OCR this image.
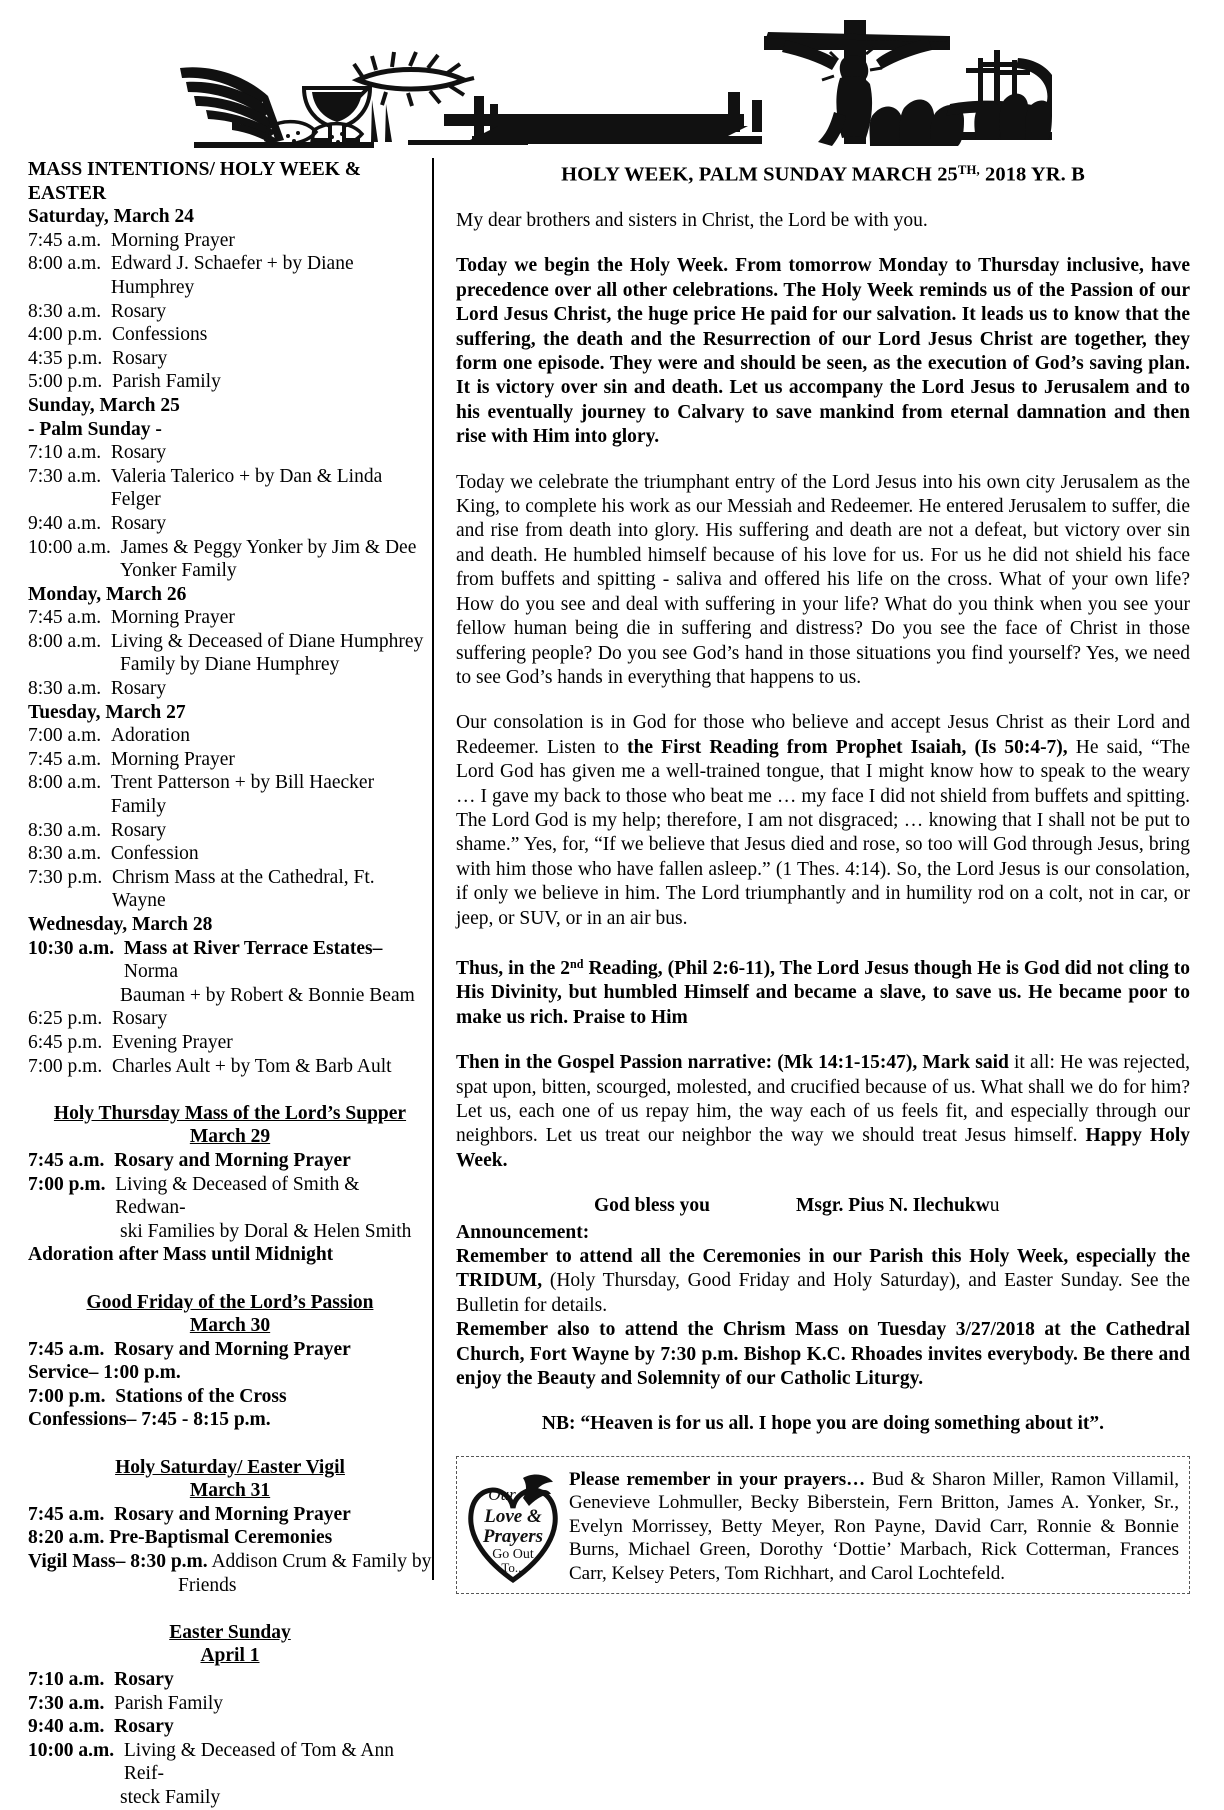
MASS INTENTIONS/ HOLY WEEK & EASTER
Saturday, March 24
7:45 a.m. Morning Prayer
8:00 a.m. Edward J. Schaefer + by Diane Humphrey
8:30 a.m. Rosary
4:00 p.m. Confessions
4:35 p.m. Rosary
5:00 p.m. Parish Family
Sunday, March 25
- Palm Sunday -
7:10 a.m. Rosary
7:30 a.m. Valeria Talerico + by Dan & Linda Felger
9:40 a.m. Rosary
10:00 a.m. James & Peggy Yonker by Jim & Dee
Yonker Family
Monday, March 26
7:45 a.m. Morning Prayer
8:00 a.m. Living & Deceased of Diane Humphrey
Family by Diane Humphrey
8:30 a.m. Rosary
Tuesday, March 27
7:00 a.m. Adoration
7:45 a.m. Morning Prayer
8:00 a.m. Trent Patterson + by Bill Haecker Family
8:30 a.m. Rosary
8:30 a.m. Confession
7:30 p.m. Chrism Mass at the Cathedral, Ft. Wayne
Wednesday, March 28
10:30 a.m. Mass at River Terrace Estates– Norma
Bauman + by Robert & Bonnie Beam
6:25 p.m. Rosary
6:45 p.m. Evening Prayer
7:00 p.m. Charles Ault + by Tom & Barb Ault
Holy Thursday Mass of the Lord’s Supper
March 29
7:45 a.m. Rosary and Morning Prayer
7:00 p.m. Living & Deceased of Smith & Redwan-
ski Families by Doral & Helen Smith
Adoration after Mass until Midnight
Good Friday of the Lord’s Passion
March 30
7:45 a.m. Rosary and Morning Prayer
Service– 1:00 p.m.
7:00 p.m. Stations of the Cross
Confessions– 7:45 - 8:15 p.m.
Holy Saturday/ Easter Vigil
March 31
7:45 a.m. Rosary and Morning Prayer
8:20 a.m. Pre-Baptismal Ceremonies
Vigil Mass– 8:30 p.m. Addison Crum & Family by
Friends
Easter Sunday
April 1
7:10 a.m. Rosary
7:30 a.m. Parish Family
9:40 a.m. Rosary
10:00 a.m. Living & Deceased of Tom & Ann Reif-
steck Family
HOLY WEEK, PALM SUNDAY MARCH $25^{TH,}$ 2018 YR. B

My dear brothers and sisters in Christ, the Lord be with you.

Today we begin the Holy Week. From tomorrow Monday to Thursday inclusive, have precedence over all other celebrations. The Holy Week reminds us of the Passion of our Lord Jesus Christ, the huge price He paid for our salvation. It leads us to know that the suffering, the death and the Resurrection of our Lord Jesus Christ are together, they form one episode. They were and should be seen, as the execution of God’s saving plan. It is victory over sin and death. Let us accompany the Lord Jesus to Jerusalem and to his eventually journey to Calvary to save mankind from eternal damnation and then rise with Him into glory.

Today we celebrate the triumphant entry of the Lord Jesus into his own city Jerusalem as the King, to complete his work as our Messiah and Redeemer. He entered Jerusalem to suffer, die and rise from death into glory. His suffering and death are not a defeat, but victory over sin and death. He humbled himself because of his love for us. For us he did not shield his face from buffets and spitting - saliva and offered his life on the cross. What of your own life? How do you see and deal with suffering in your life? What do you think when you see your fellow human being die in suffering and distress? Do you see the face of Christ in those suffering people? Do you see God’s hand in those situations you find yourself? Yes, we need to see God’s hands in everything that happens to us.

Our consolation is in God for those who believe and accept Jesus Christ as their Lord and Redeemer. Listen to the First Reading from Prophet Isaiah, (Is 50:4-7), He said, “The Lord God has given me a well-trained tongue, that I might know how to speak to the weary … I gave my back to those who beat me … my face I did not shield from buffets and spitting. The Lord God is my help; therefore, I am not disgraced; … knowing that I shall not be put to shame.” Yes, for, “If we believe that Jesus died and rose, so too will God through Jesus, bring with him those who have fallen asleep.” (1 Thes. 4:14). So, the Lord Jesus is our consolation, if only we believe in him. The Lord triumphantly and in humility rod on a colt, not in car, or jeep, or SUV, or in an air bus.

Thus, in the 2nd Reading, (Phil 2:6-11), The Lord Jesus though He is God did not cling to His Divinity, but humbled Himself and became a slave, to save us. He became poor to make us rich. Praise to Him

Then in the Gospel Passion narrative: (Mk 14:1-15:47), Mark said it all: He was rejected, spat upon, bitten, scourged, molested, and crucified because of us. What shall we do for him? Let us, each one of us repay him, the way each of us feels fit, and especially through our neighbors. Let us treat our neighbor the way we should treat Jesus himself. Happy Holy Week.

God bless you	Msgr. Pius N. Ilechukwu

Announcement:

Remember to attend all the Ceremonies in our Parish this Holy Week, especially the TRIDUM, (Holy Thursday, Good Friday and Holy Saturday), and Easter Sunday. See the Bulletin for details.

Remember also to attend the Chrism Mass on Tuesday 3/27/2018 at the Cathedral Church, Fort Wayne by 7:30 p.m. Bishop K.C. Rhoades invites everybody. Be there and enjoy the Beauty and Solemnity of our Catholic Liturgy.

NB: “Heaven is for us all. I hope you are doing something about it”.

Our
Love &
Prayers
Go Out
To...
Please remember in your prayers… Bud & Sharon Miller, Ramon Villamil, Genevieve Lohmuller, Becky Biberstein, Fern Britton, James A. Yonker, Sr., Evelyn Morrissey, Betty Meyer, Ron Payne, David Carr, Ronnie & Bonnie Burns, Michael Green, Dorothy ‘Dottie’ Marbach, Rick Cotterman, Frances Carr, Kelsey Peters, Tom Richhart, and Carol Lochtefeld.
